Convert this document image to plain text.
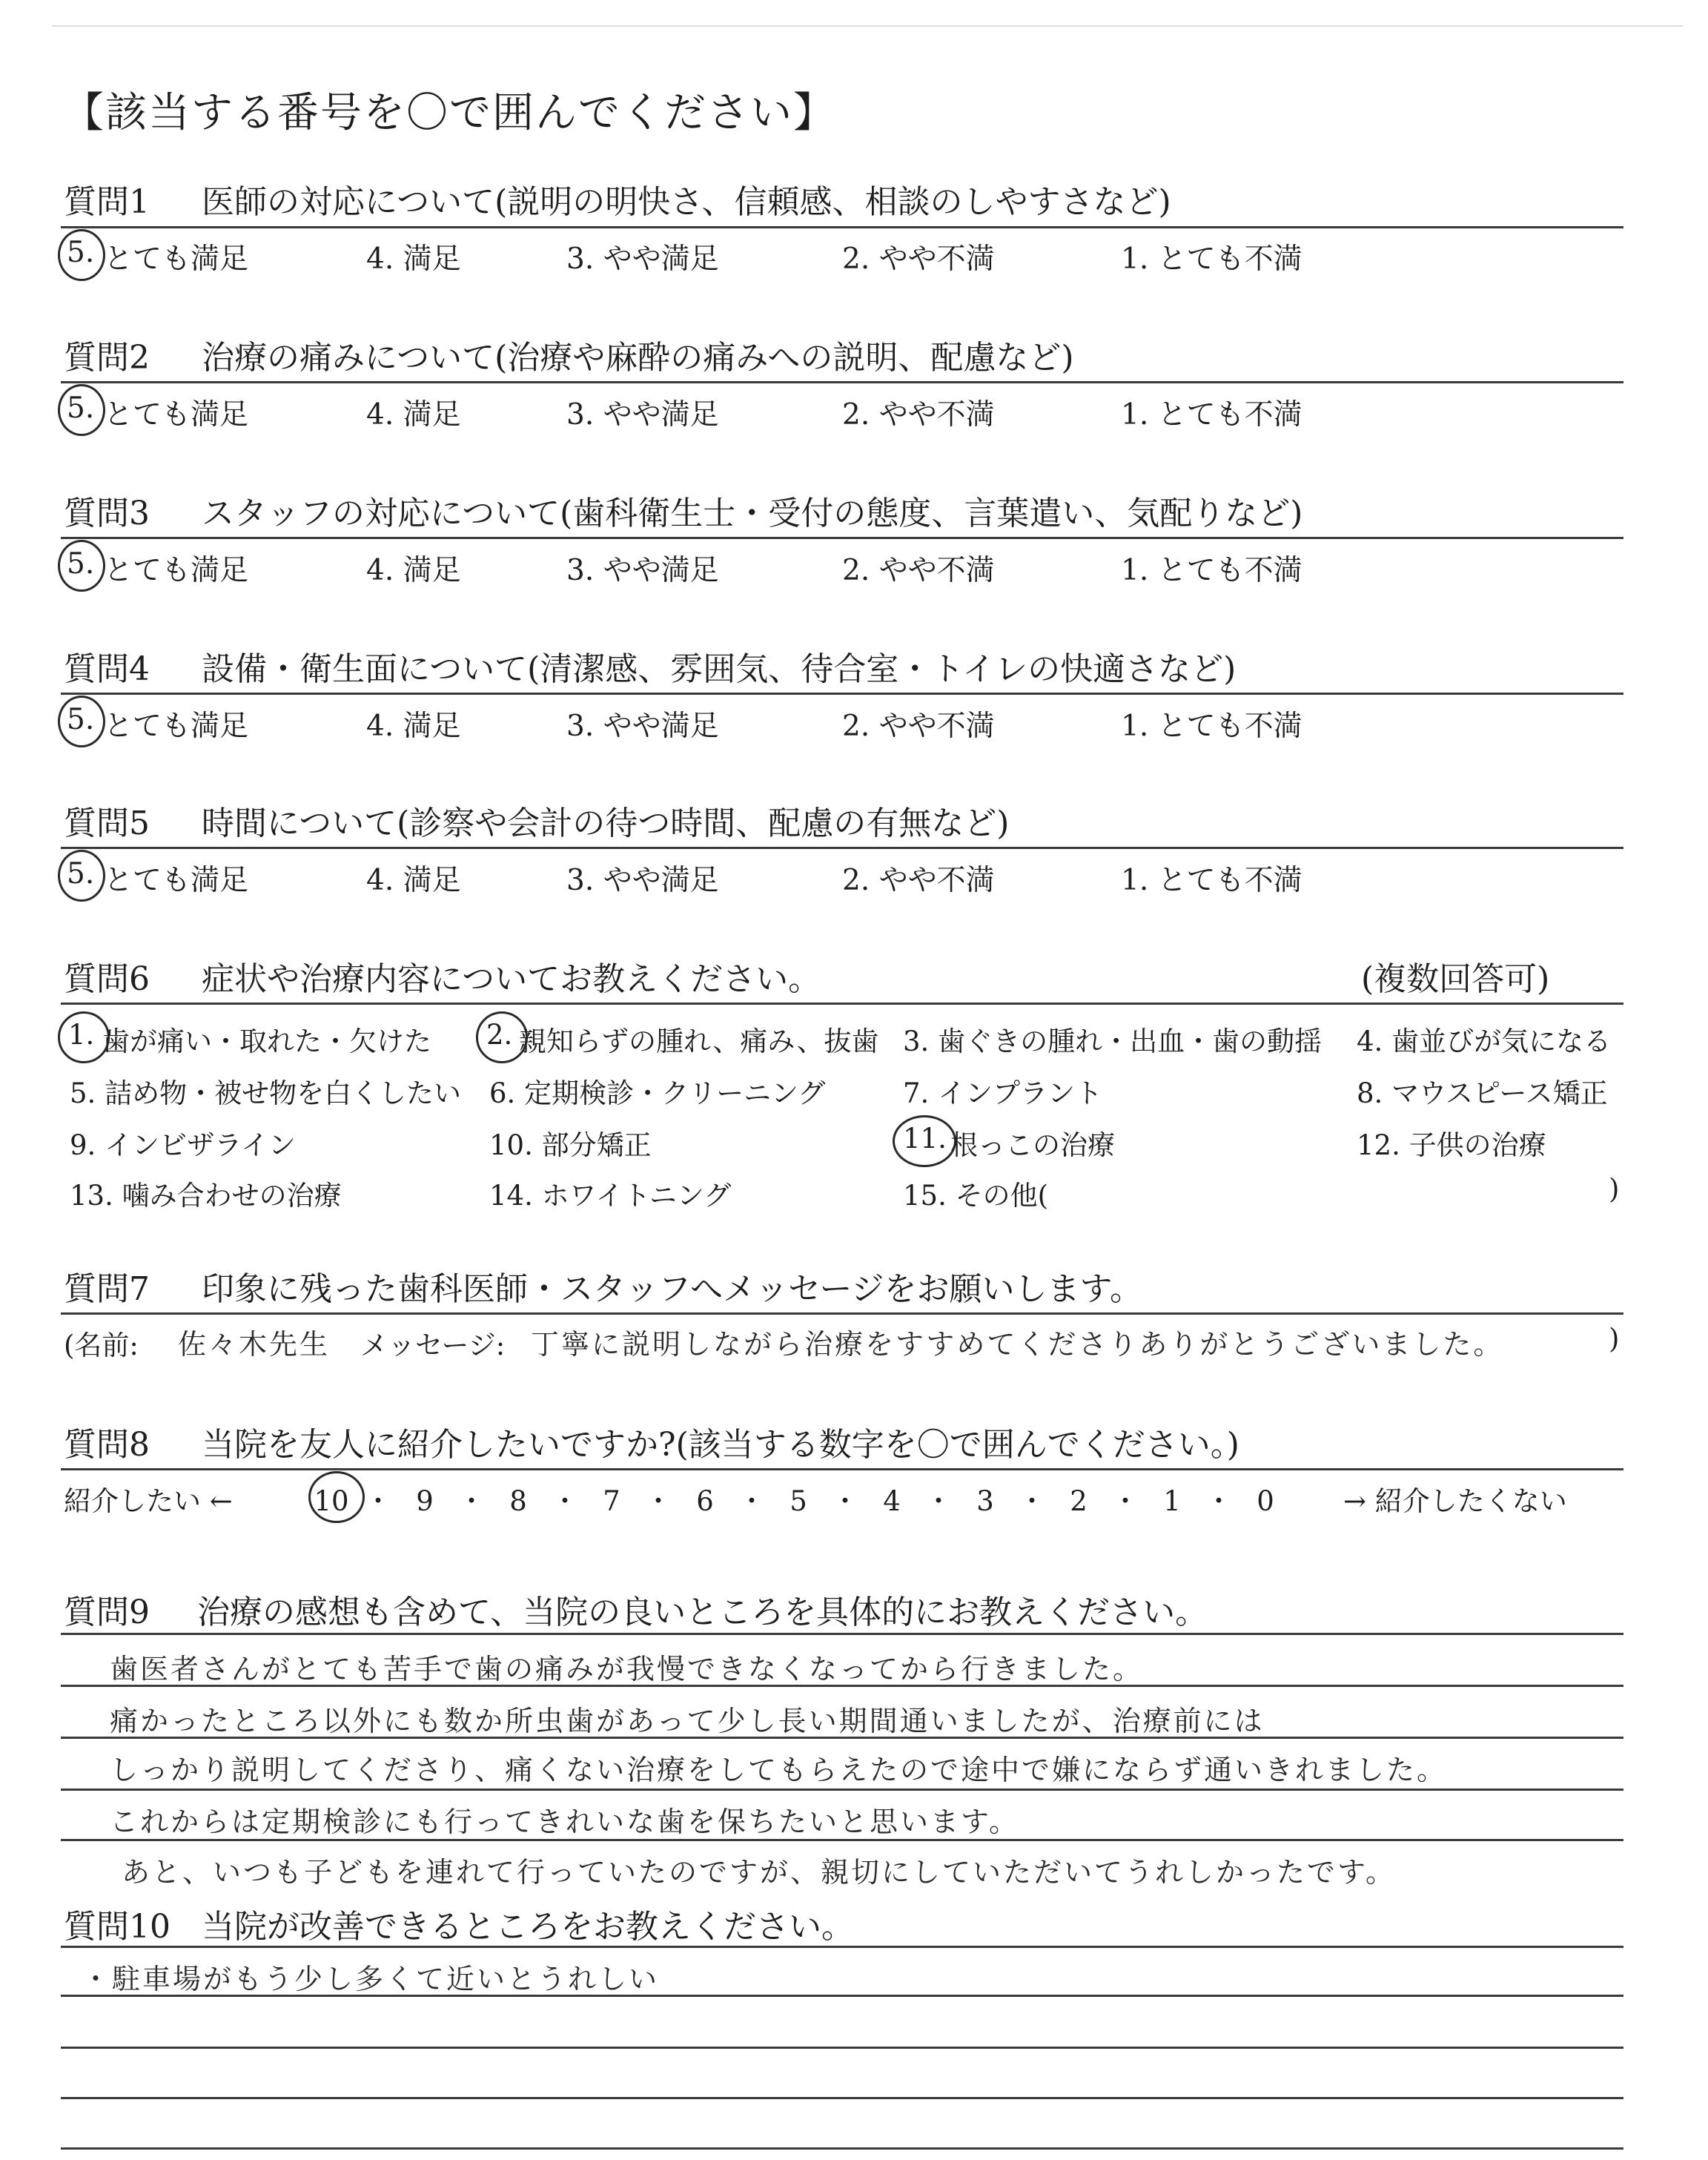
【該当する番号を〇で囲んでください】
質問1 医師の対応について(説明の明快さ、信頼感、相談のしやすさなど)
5. とても満足	4. 満足	3. やや満足	2. やや不満	1. とても不満
質問2 治療の痛みについて(治療や麻酔の痛みへの説明、配慮など)
5. とても満足	4. 満足	3. やや満足	2. やや不満	1. とても不満
質問3 スタッフの対応について(歯科衛生士・受付の態度、言葉遣い、気配りなど)
5. とても満足	4. 満足	3. やや満足	2. やや不満	1. とても不満
質問4 設備・衛生面について(清潔感、雰囲気、待合室・トイレの快適さなど)
5. とても満足	4. 満足	3. やや満足	2. やや不満	1. とても不満
質問5 時間について(診察や会計の待つ時間、配慮の有無など)
5. とても満足	4. 満足	3. やや満足	2. やや不満	1. とても不満
質問6 症状や治療内容についてお教えください。	(複数回答可)
1. 歯が痛い・取れた・欠けた 2. 親知らずの腫れ、痛み、抜歯 3. 歯ぐきの腫れ・出血・歯の動揺 4. 歯並びが気になる
5. 詰め物・被せ物を白くしたい 6. 定期検診・クリーニング	7. インプラント	8. マウスピース矯正
9. インビザライン	10. 部分矯正	11. 根っこの治療	12. 子供の治療
13. 噛み合わせの治療	14. ホワイトニング	15. その他(	)
質問7 印象に残った歯科医師・スタッフへメッセージをお願いします。
(名前: 佐々木先生 メッセージ: 丁寧に説明しながら治療をすすめてくださりありがとうございました。	)
質問8 当院を友人に紹介したいですか?(該当する数字を〇で囲んでください。)
紹介したい ←	10 ・ 9 ・ 8 ・ 7 ・ 6 ・ 5 ・ 4 ・ 3 ・ 2 ・ 1 ・ 0	→ 紹介したくない
質問9 治療の感想も含めて、当院の良いところを具体的にお教えください。
歯医者さんがとても苦手で歯の痛みが我慢できなくなってから行きました。
痛かったところ以外にも数か所虫歯があって少し長い期間通いましたが、治療前には
しっかり説明してくださり、痛くない治療をしてもらえたので途中で嫌にならず通いきれました。
これからは定期検診にも行ってきれいな歯を保ちたいと思います。
あと、いつも子どもを連れて行っていたのですが、親切にしていただいてうれしかったです。
質問10 当院が改善できるところをお教えください。
・駐車場がもう少し多くて近いとうれしい
